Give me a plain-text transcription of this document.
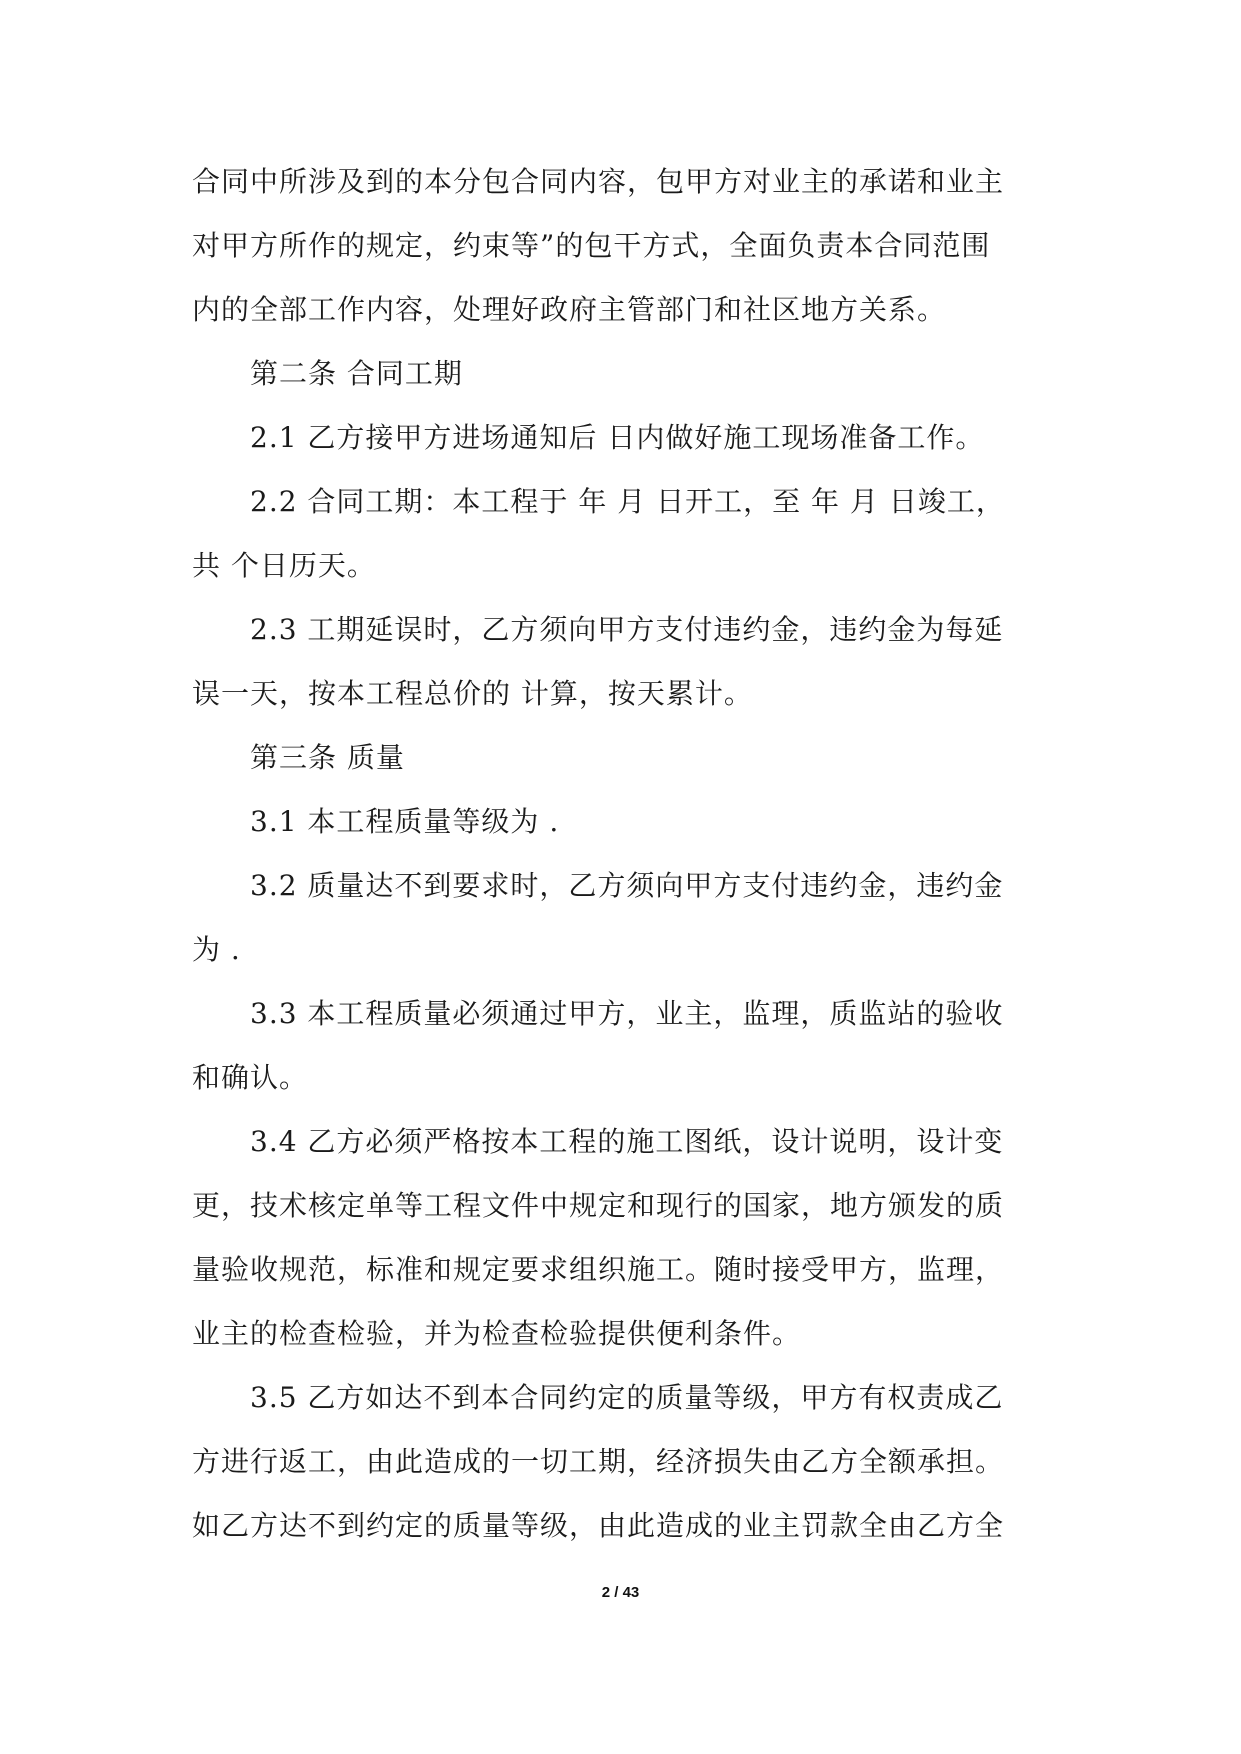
合同中所涉及到的本分包合同内容，包甲方对业主的承诺和业主
对甲方所作的规定，约束等”的包干方式，全面负责本合同范围
内的全部工作内容，处理好政府主管部门和社区地方关系。
第二条 合同工期
2.1 乙方接甲方进场通知后 日内做好施工现场准备工作。
2.2 合同工期：本工程于 年 月 日开工，至 年 月 日竣工，
共 个日历天。
2.3 工期延误时，乙方须向甲方支付违约金，违约金为每延
误一天，按本工程总价的 计算，按天累计。
第三条 质量
3.1 本工程质量等级为 .
3.2 质量达不到要求时，乙方须向甲方支付违约金，违约金
为 .
3.3 本工程质量必须通过甲方，业主，监理，质监站的验收
和确认。
3.4 乙方必须严格按本工程的施工图纸，设计说明，设计变
更，技术核定单等工程文件中规定和现行的国家，地方颁发的质
量验收规范，标准和规定要求组织施工。随时接受甲方，监理，
业主的检查检验，并为检查检验提供便利条件。
3.5 乙方如达不到本合同约定的质量等级，甲方有权责成乙
方进行返工，由此造成的一切工期，经济损失由乙方全额承担。
如乙方达不到约定的质量等级，由此造成的业主罚款全由乙方全
2 / 43
